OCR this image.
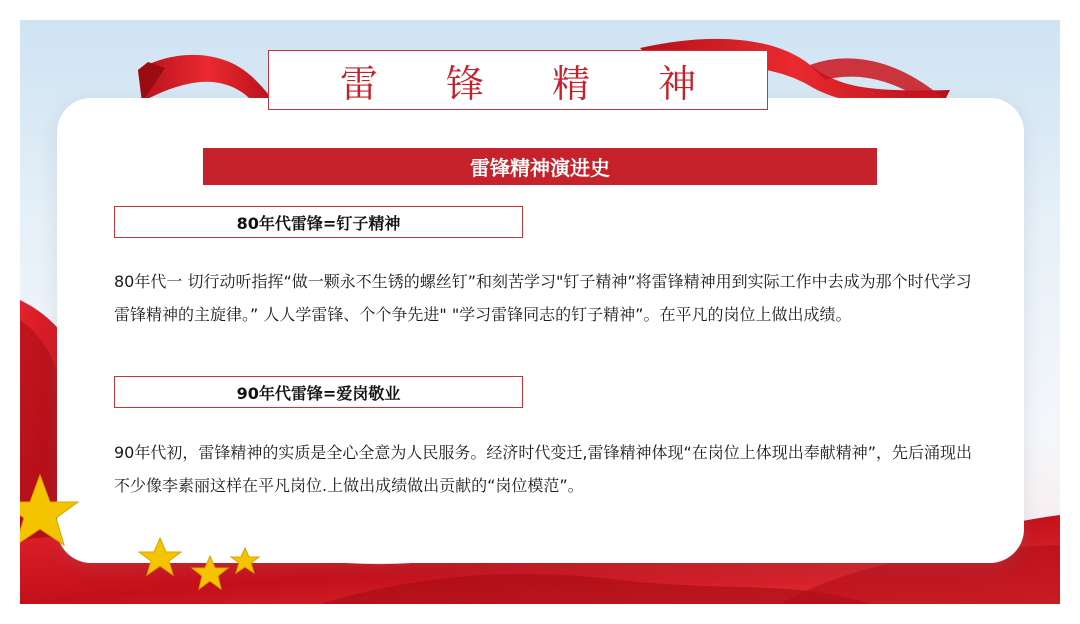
雷 锋 精 神
雷锋精神演进史
80年代雷锋=钉子精神

80年代一 切行动听指挥“做一颗永不生锈的螺丝钉”和刻苦学习"钉子精神”将雷锋精神用到实际工作中去成为那个时代学习雷锋精神的主旋律。” 人人学雷锋、个个争先进" "学习雷锋同志的钉子精神”。在平凡的岗位上做出成绩。

90年代雷锋=爱岗敬业

90年代初，雷锋精神的实质是全心全意为人民服务。经济时代变迁,雷锋精神体现“在岗位上体现出奉献精神”，先后涌现出不少像李素丽这样在平凡岗位.上做出成绩做出贡献的“岗位模范”。
